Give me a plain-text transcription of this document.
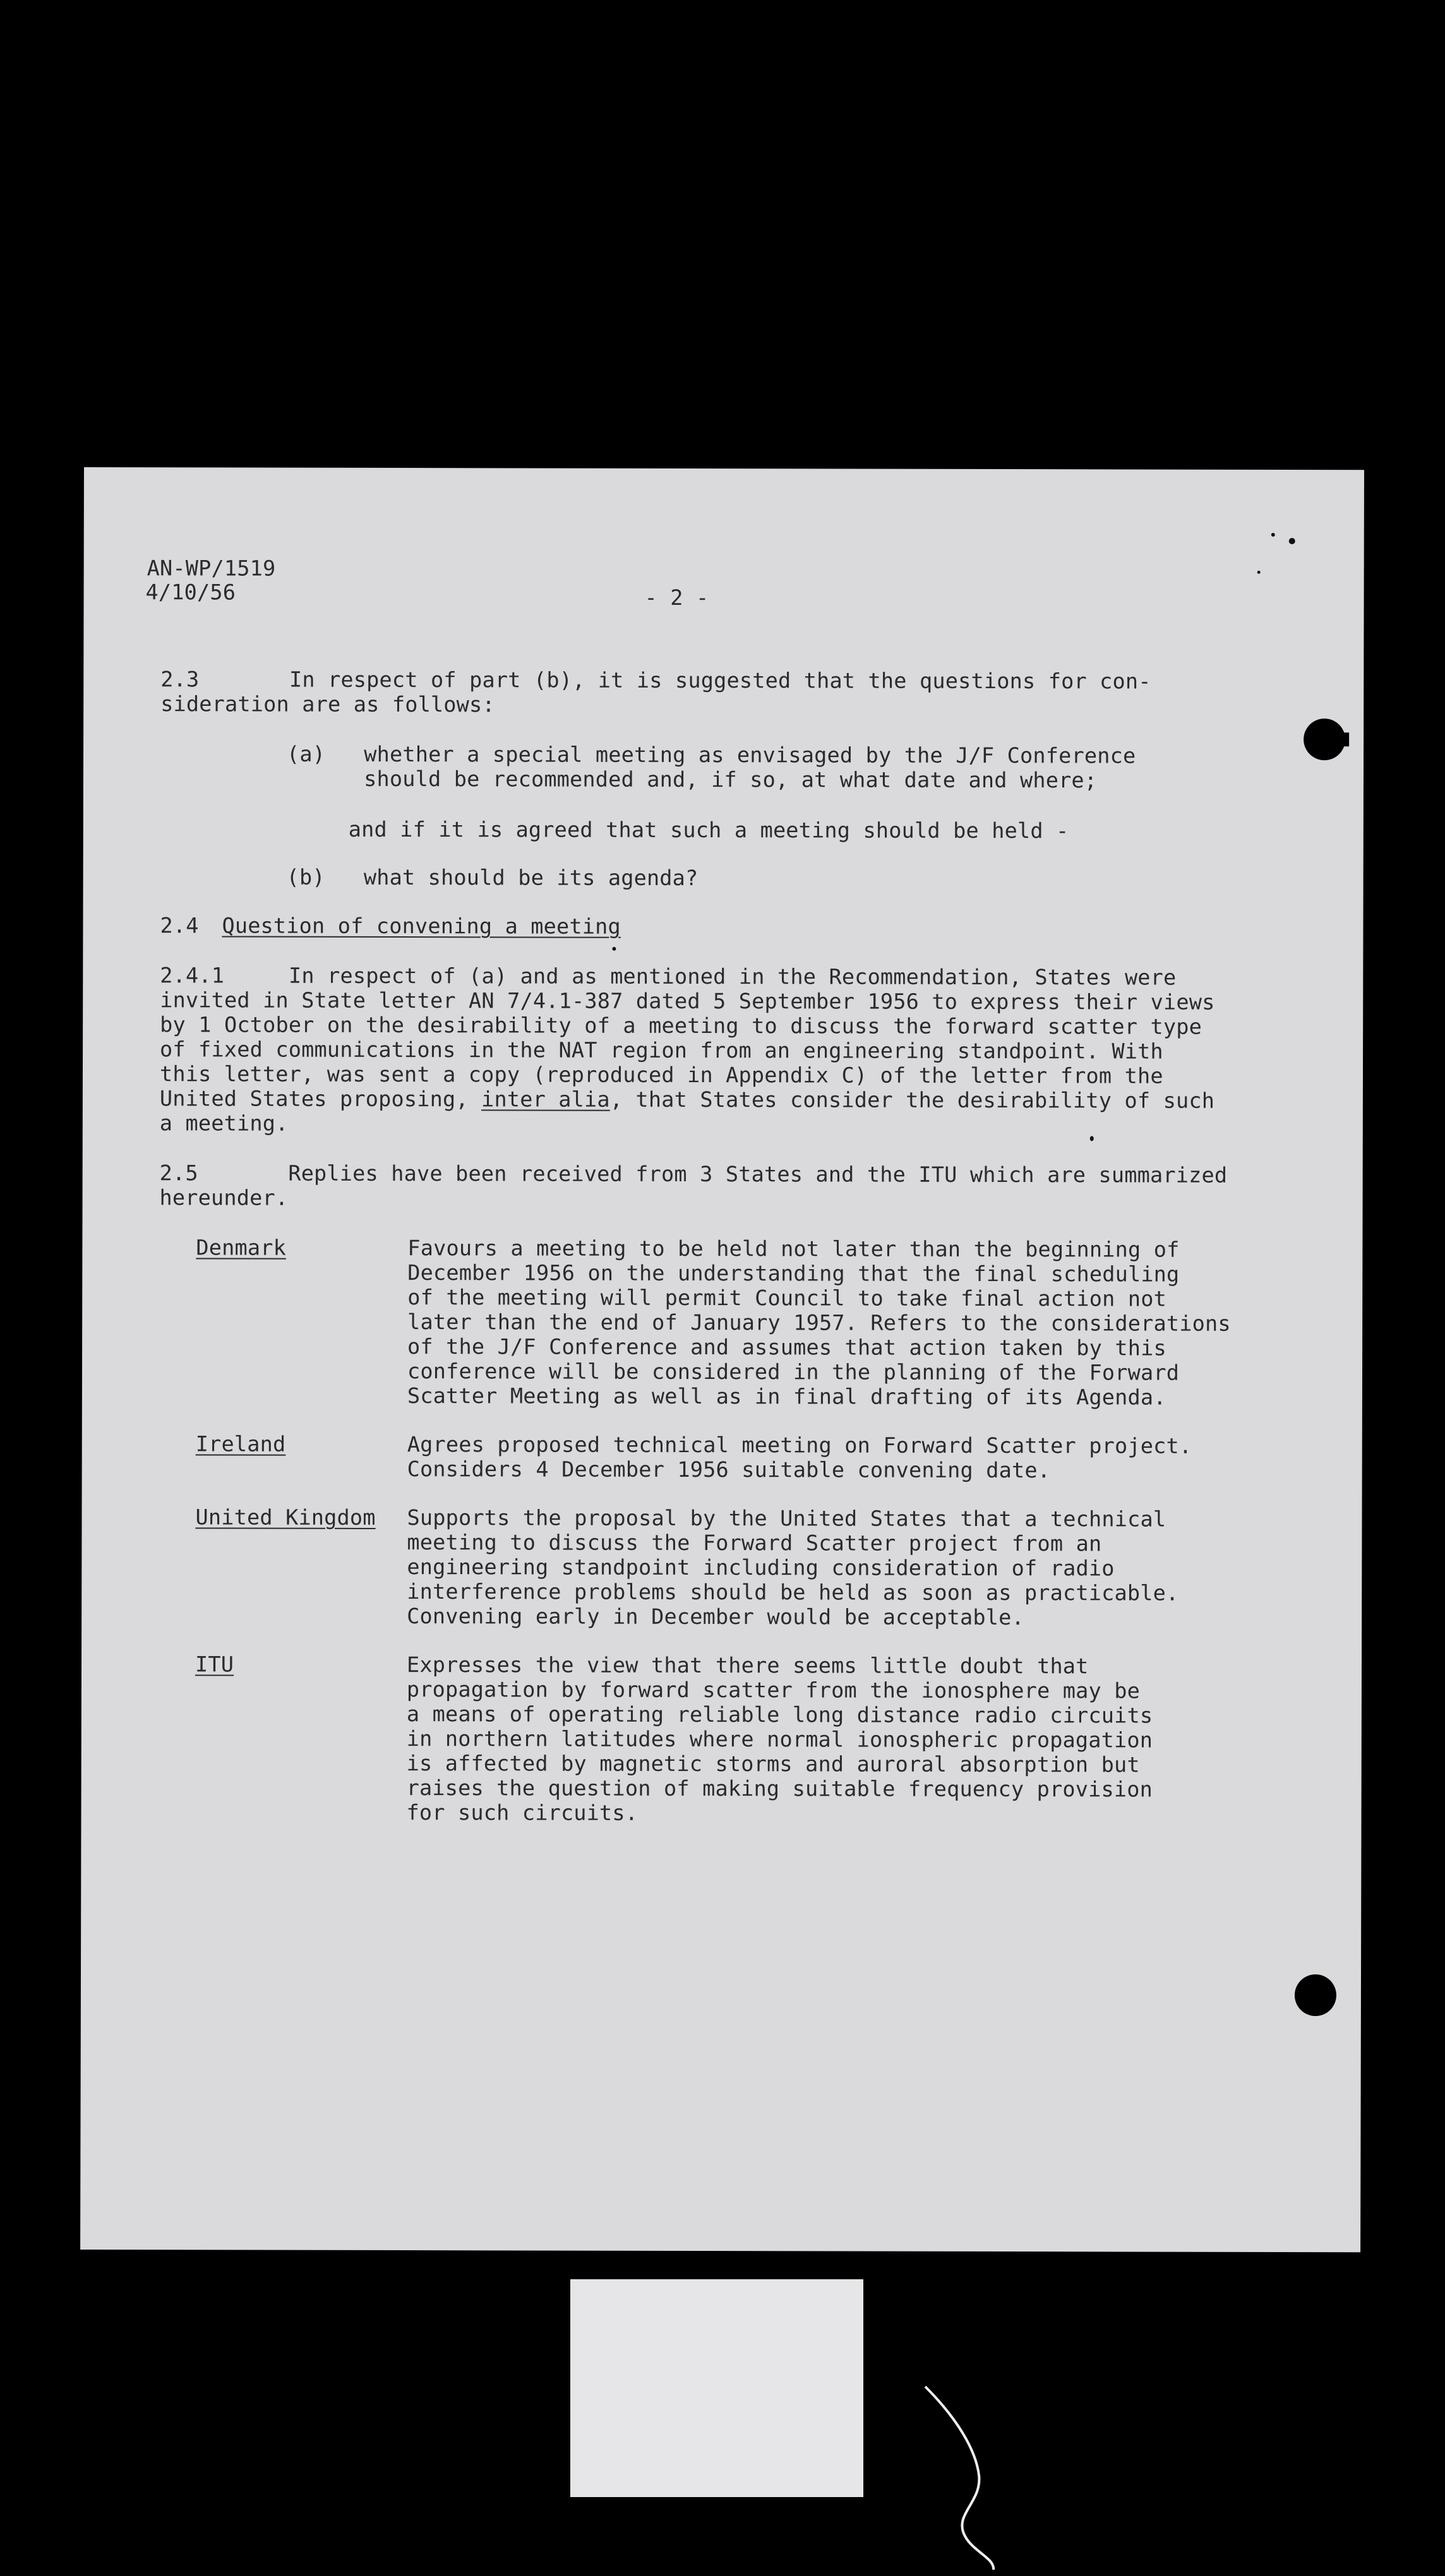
AN-WP/1519
4/10/56	- 2 -
2.3       In respect of part (b), it is suggested that the questions for con-
sideration are as follows:
(a)   whether a special meeting as envisaged by the J/F Conference
should be recommended and, if so, at what date and where;
and if it is agreed that such a meeting should be held -
(b)   what should be its agenda?
2.4 Question of convening a meeting
2.4.1     In respect of (a) and as mentioned in the Recommendation, States were
invited in State letter AN 7/4.1-387 dated 5 September 1956 to express their views
by 1 October on the desirability of a meeting to discuss the forward scatter type
of fixed communications in the NAT region from an engineering standpoint. With
this letter, was sent a copy (reproduced in Appendix C) of the letter from the
United States proposing, inter alia, that States consider the desirability of such
a meeting.
2.5       Replies have been received from 3 States and the ITU which are summarized
hereunder.
Denmark	Favours a meeting to be held not later than the beginning of
December 1956 on the understanding that the final scheduling
of the meeting will permit Council to take final action not
later than the end of January 1957. Refers to the considerations
of the J/F Conference and assumes that action taken by this
conference will be considered in the planning of the Forward
Scatter Meeting as well as in final drafting of its Agenda.
Ireland	Agrees proposed technical meeting on Forward Scatter project.
Considers 4 December 1956 suitable convening date.
United Kingdom Supports the proposal by the United States that a technical
meeting to discuss the Forward Scatter project from an
engineering standpoint including consideration of radio
interference problems should be held as soon as practicable.
Convening early in December would be acceptable.
ITU	Expresses the view that there seems little doubt that
propagation by forward scatter from the ionosphere may be
a means of operating reliable long distance radio circuits
in northern latitudes where normal ionospheric propagation
is affected by magnetic storms and auroral absorption but
raises the question of making suitable frequency provision
for such circuits.
